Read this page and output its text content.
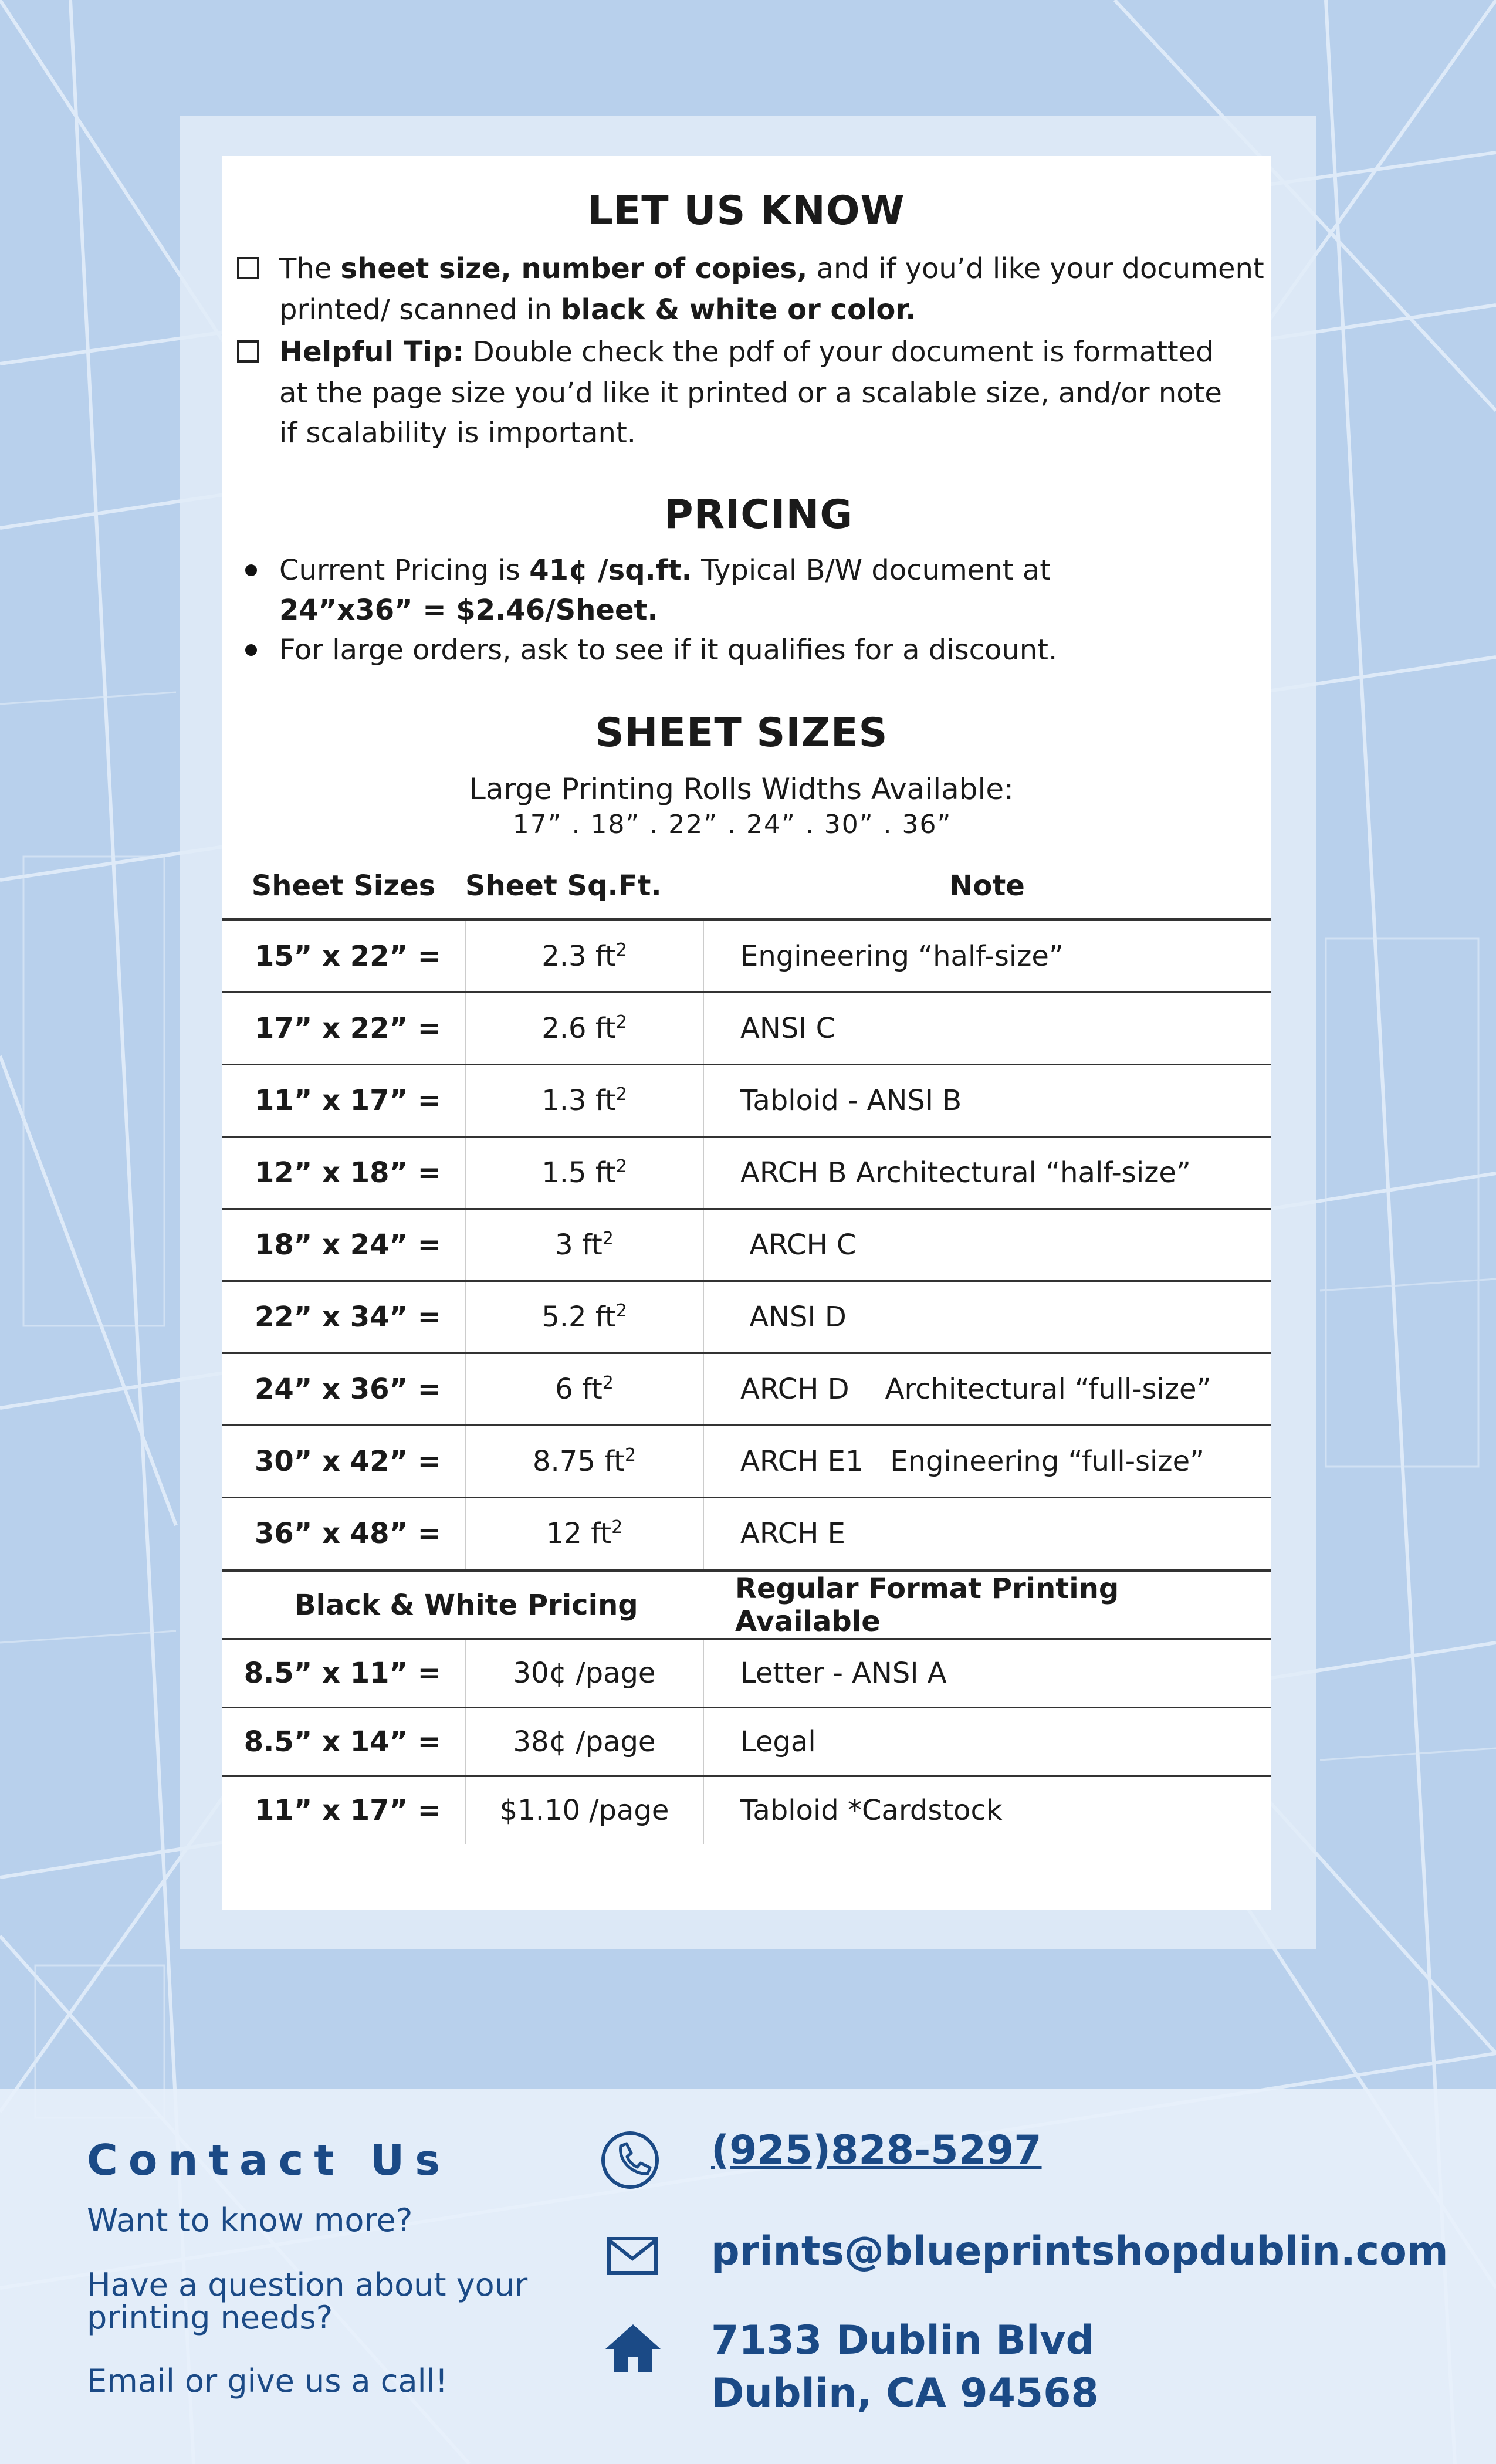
LET US KNOW
The sheet size, number of copies, and if you’d like your document
printed/ scanned in black & white or color.
Helpful Tip: Double check the pdf of your document is formatted
at the page size you’d like it printed or a scalable size, and/or note
if scalability is important.
PRICING
Current Pricing is 41¢ /sq.ft. Typical B/W document at
24”x36” = $2.46/Sheet.
For large orders, ask to see if it qualifies for a discount.
SHEET SIZES
Large Printing Rolls Widths Available:
17” . 18” . 22” . 24” . 30” . 36”
Sheet Sizes	Sheet Sq.Ft.	Note
15” x 22” =	2.3 $ft^2$	Engineering “half-size”
17” x 22” =	2.6 $ft^2$	ANSI C
11” x 17” =	1.3 $ft^2$	Tabloid - ANSI B
12” x 18” =	1.5 $ft^2$	ARCH B Architectural “half-size”
18” x 24” =	3 $ft^2$	ARCH C
22” x 34” =	5.2 $ft^2$	ANSI D
24” x 36” =	6 $ft^2$	ARCH D    Architectural “full-size”
30” x 42” =	8.75 $ft^2$	ARCH E1   Engineering “full-size”
36” x 48” =	12 $ft^2$	ARCH E
Black & White Pricing		Regular Format Printing Available
8.5” x 11” =	30¢ /page	Letter - ANSI A
8.5” x 14” =	38¢ /page	Legal
11” x 17” =	$1.10 /page	Tabloid *Cardstock
Contact Us
Want to know more?
Have a question about your
printing needs?
Email or give us a call!
(925)828-5297
prints@blueprintshopdublin.com
7133 Dublin Blvd
Dublin, CA 94568
